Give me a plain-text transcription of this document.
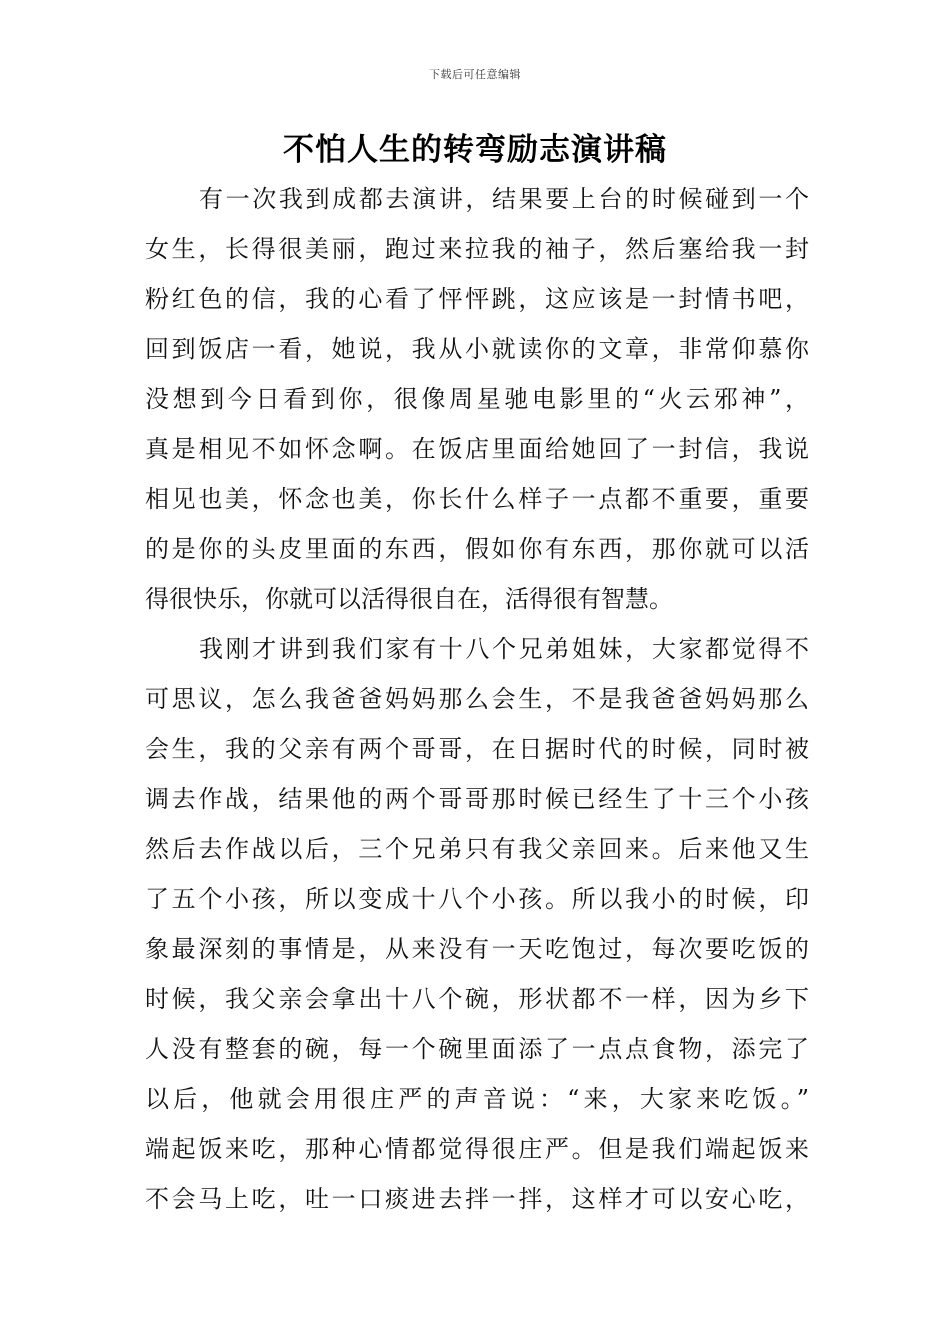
下载后可任意编辑
不怕人生的转弯励志演讲稿
有一次我到成都去演讲，结果要上台的时候碰到一个
女生，长得很美丽，跑过来拉我的袖子，然后塞给我一封
粉红色的信，我的心看了怦怦跳，这应该是一封情书吧，
回到饭店一看，她说，我从小就读你的文章，非常仰慕你
没想到今日看到你，很像周星驰电影里的“火云邪神”，
真是相见不如怀念啊。在饭店里面给她回了一封信，我说
相见也美，怀念也美，你长什么样子一点都不重要，重要
的是你的头皮里面的东西，假如你有东西，那你就可以活
得很快乐，你就可以活得很自在，活得很有智慧。
我刚才讲到我们家有十八个兄弟姐妹，大家都觉得不
可思议，怎么我爸爸妈妈那么会生，不是我爸爸妈妈那么
会生，我的父亲有两个哥哥，在日据时代的时候，同时被
调去作战，结果他的两个哥哥那时候已经生了十三个小孩
然后去作战以后，三个兄弟只有我父亲回来。后来他又生
了五个小孩，所以变成十八个小孩。所以我小的时候，印
象最深刻的事情是，从来没有一天吃饱过，每次要吃饭的
时候，我父亲会拿出十八个碗，形状都不一样，因为乡下
人没有整套的碗，每一个碗里面添了一点点食物，添完了
以后，他就会用很庄严的声音说：“来，大家来吃饭。”
端起饭来吃，那种心情都觉得很庄严。但是我们端起饭来
不会马上吃，吐一口痰进去拌一拌，这样才可以安心吃，
